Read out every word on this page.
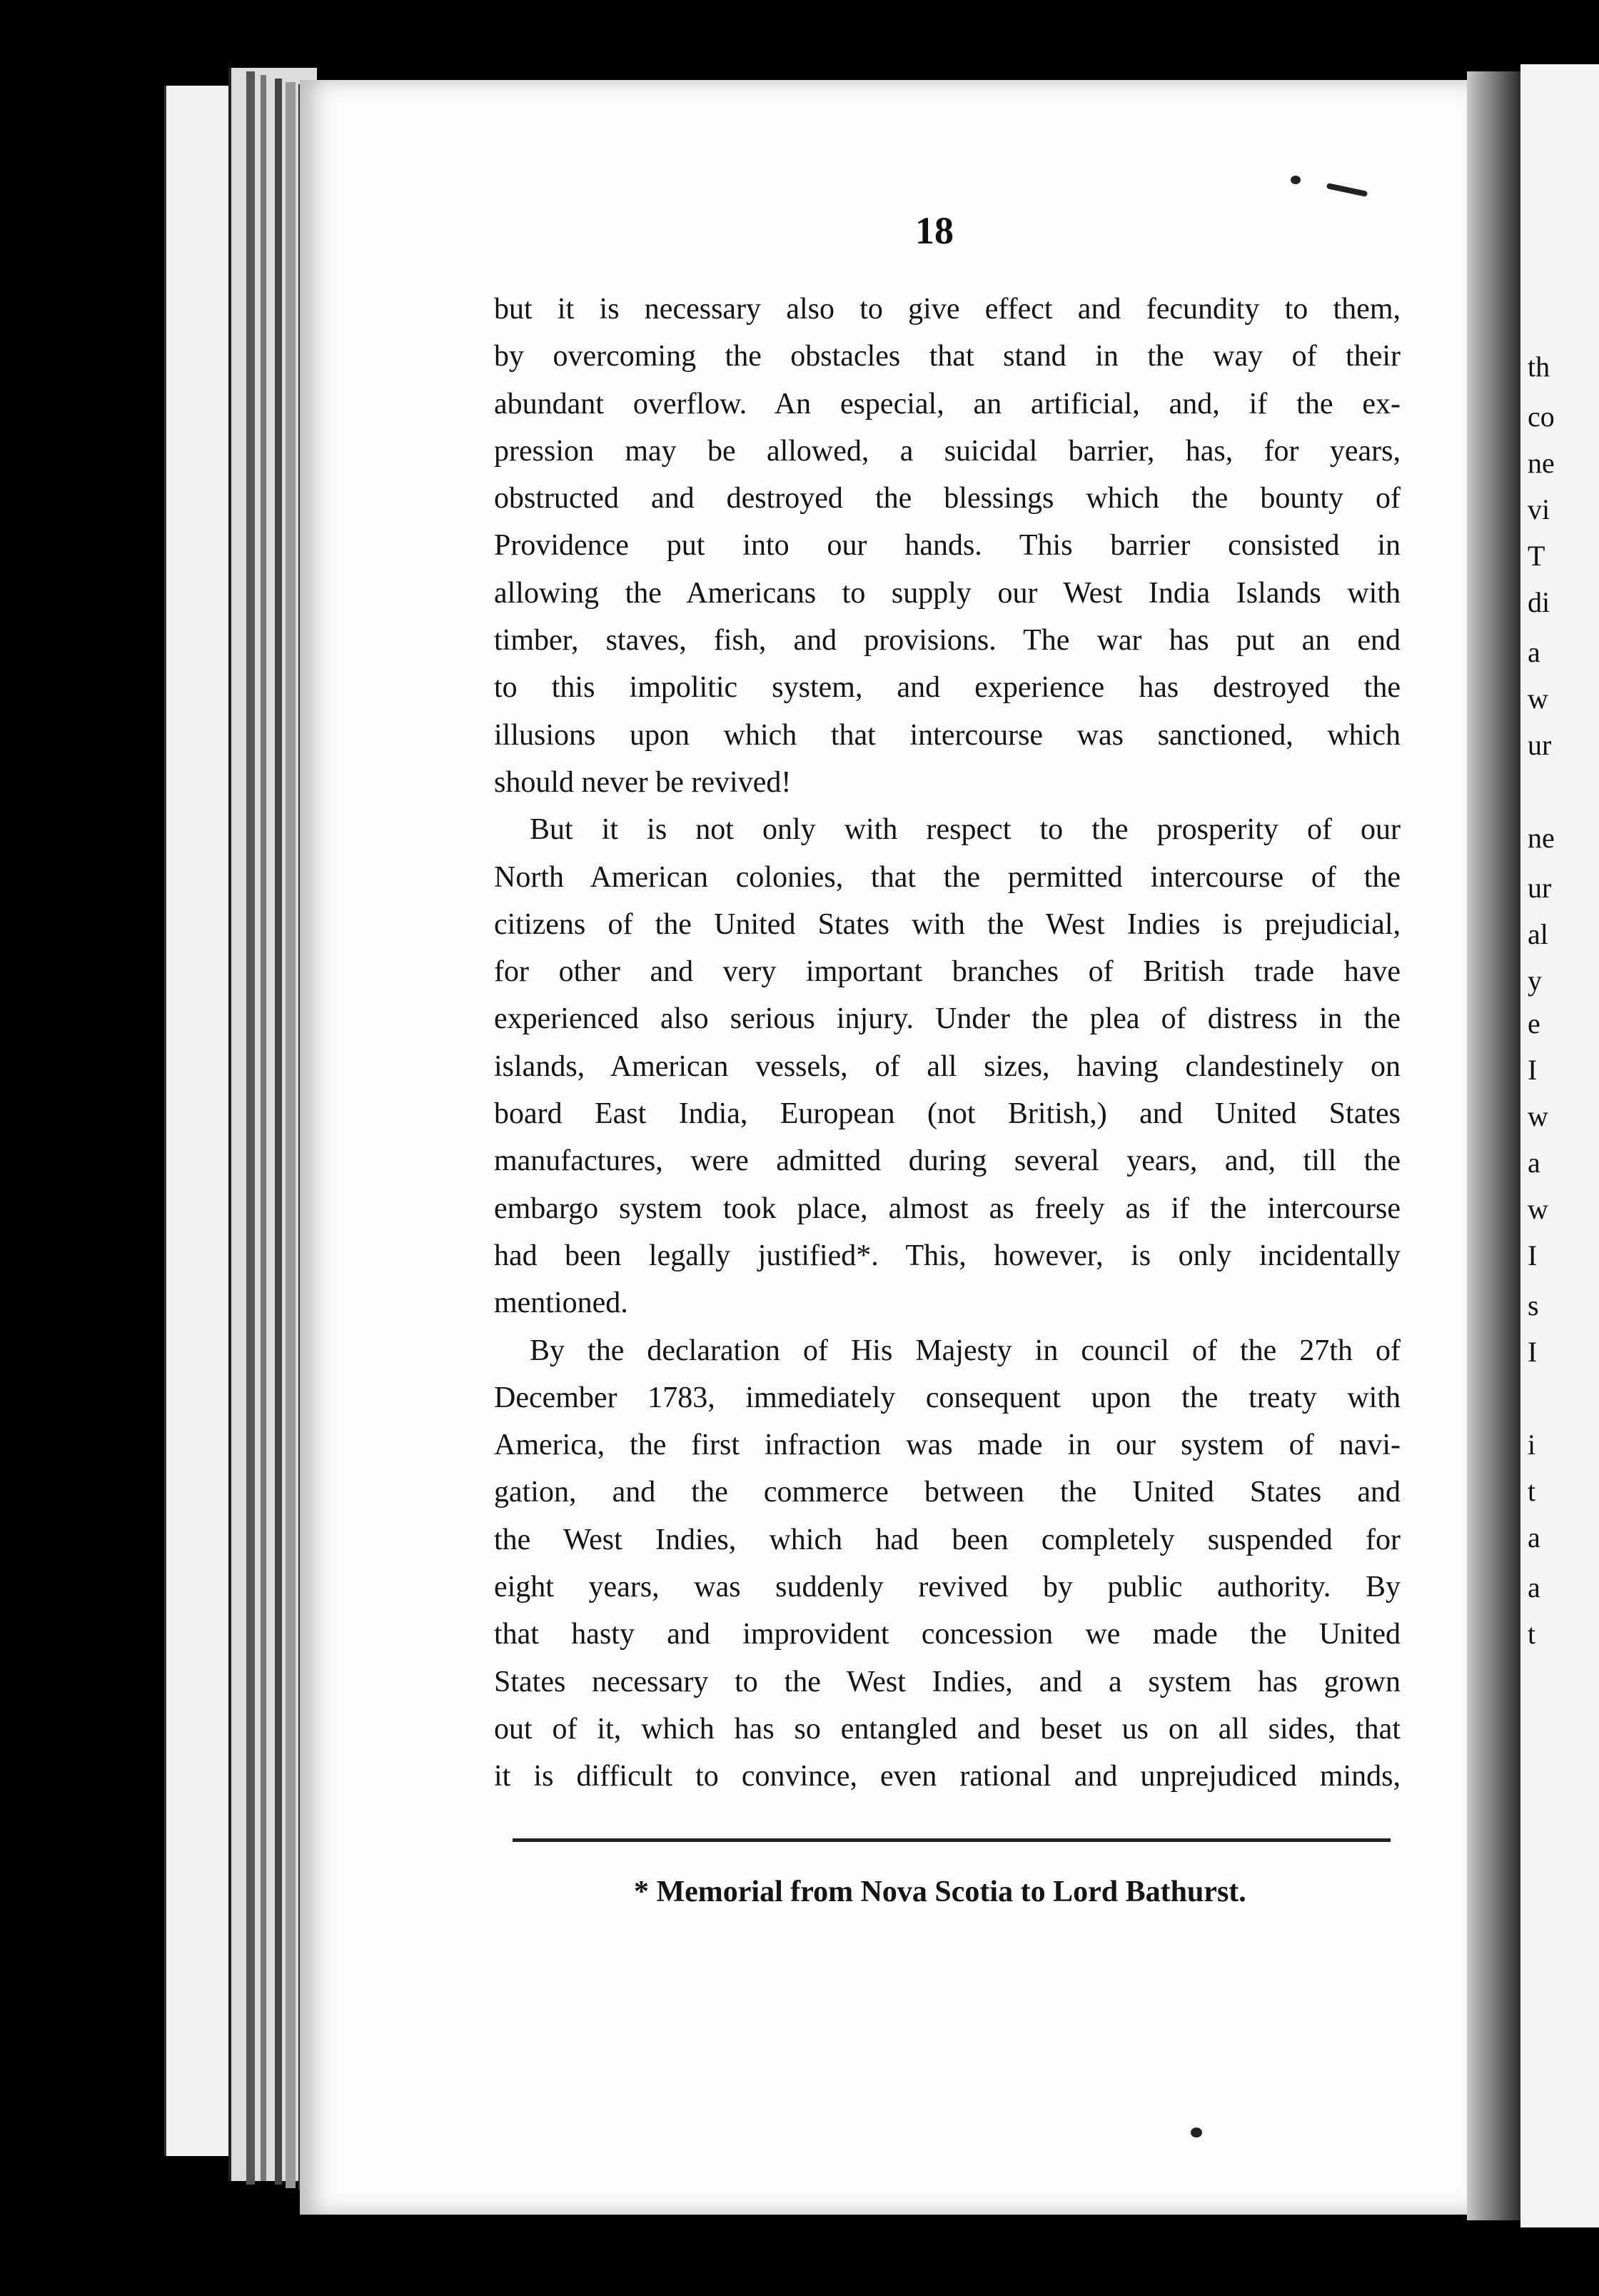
th
co
ne
vi
T
di
a
w
ur
ne
ur
al
y
e
I
w
a
w
I
s
I
i
t
a
a
t
18
but it is necessary also to give effect and fecundity to them,
by overcoming the obstacles that stand in the way of their
abundant overflow. An especial, an artificial, and, if the ex-
pression may be allowed, a suicidal barrier, has, for years,
obstructed and destroyed the blessings which the bounty of
Providence put into our hands. This barrier consisted in
allowing the Americans to supply our West India Islands with
timber, staves, fish, and provisions. The war has put an end
to this impolitic system, and experience has destroyed the
illusions upon which that intercourse was sanctioned, which
should never be revived!
But it is not only with respect to the prosperity of our
North American colonies, that the permitted intercourse of the
citizens of the United States with the West Indies is prejudicial,
for other and very important branches of British trade have
experienced also serious injury. Under the plea of distress in the
islands, American vessels, of all sizes, having clandestinely on
board East India, European (not British,) and United States
manufactures, were admitted during several years, and, till the
embargo system took place, almost as freely as if the intercourse
had been legally justified*. This, however, is only incidentally
mentioned.
By the declaration of His Majesty in council of the 27th of
December 1783, immediately consequent upon the treaty with
America, the first infraction was made in our system of navi-
gation, and the commerce between the United States and
the West Indies, which had been completely suspended for
eight years, was suddenly revived by public authority. By
that hasty and improvident concession we made the United
States necessary to the West Indies, and a system has grown
out of it, which has so entangled and beset us on all sides, that
it is difficult to convince, even rational and unprejudiced minds,
* Memorial from Nova Scotia to Lord Bathurst.
